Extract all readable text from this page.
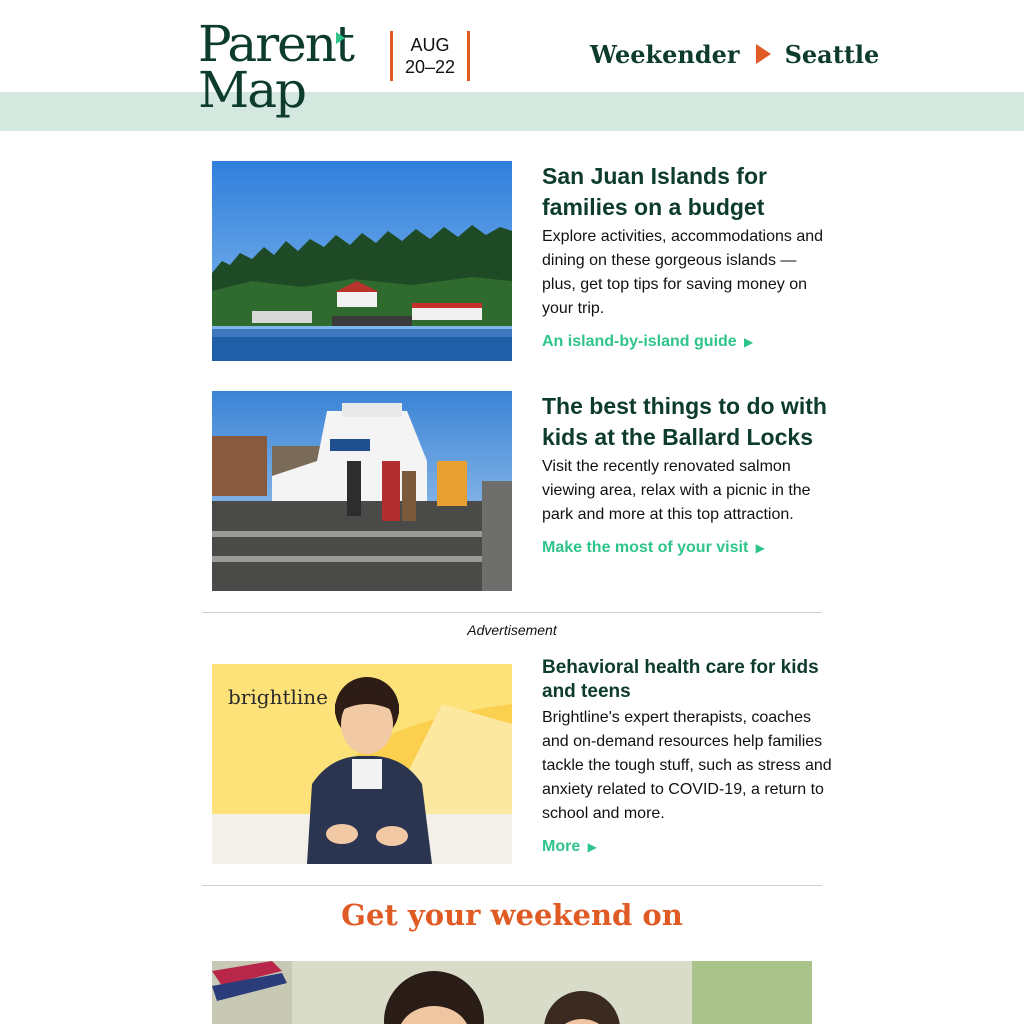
Parent
Map
AUG
20–22	Weekender Seattle
San Juan Islands for families on a budget

Explore activities, accommodations and dining on these gorgeous islands — plus, get top tips for saving money on your trip.

An island-by-island guide ▶
The best things to do with kids at the Ballard Locks

Visit the recently renovated salmon viewing area, relax with a picnic in the park and more at this top attraction.

Make the most of your visit ▶
Advertisement
brightline
Behavioral health care for kids and teens

Brightline's expert therapists, coaches and on-demand resources help families tackle the tough stuff, such as stress and anxiety related to COVID-19, a return to school and more.

More ▶
Get your weekend on
